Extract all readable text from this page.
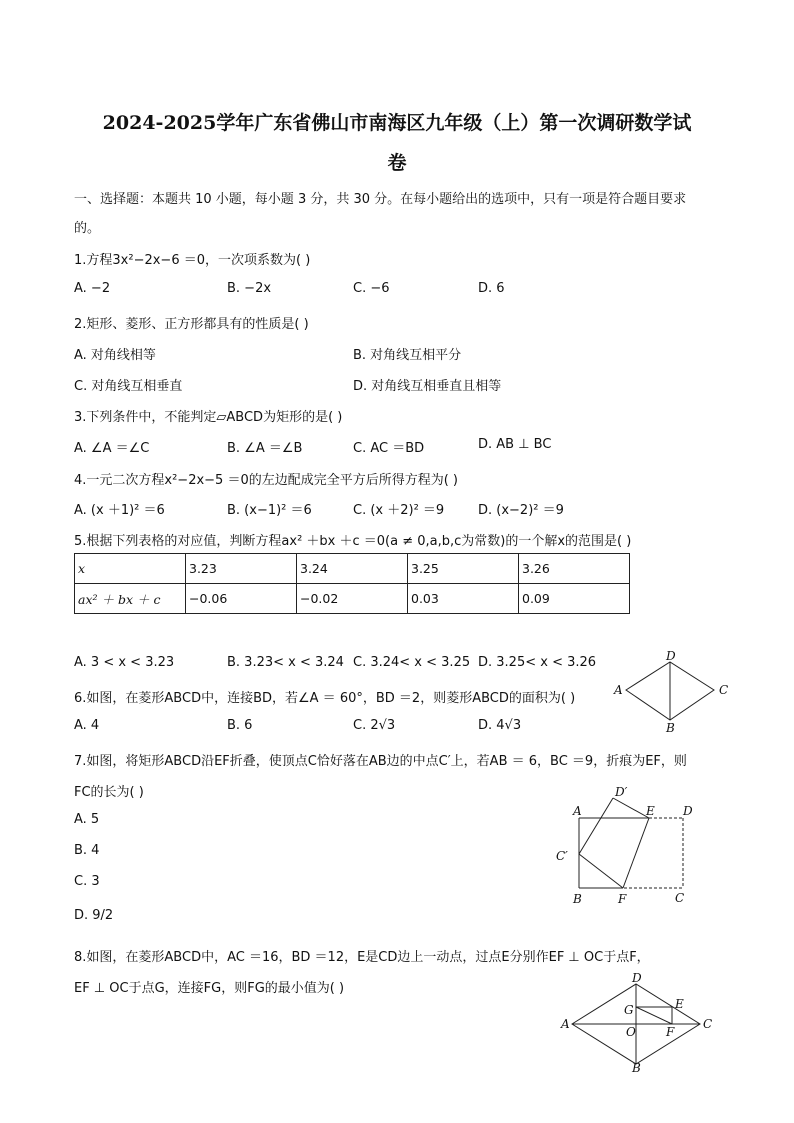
2024-2025学年广东省佛山市南海区九年级（上）第一次调研数学试
卷
一、选择题：本题共 10 小题，每小题 3 分，共 30 分。在每小题给出的选项中，只有一项是符合题目要求
的。
1.方程3x²−2x−6 ＝0，一次项系数为( )
A. −2	B. −2x	C. −6	D. 6
2.矩形、菱形、正方形都具有的性质是( )
A. 对角线相等	B. 对角线互相平分
C. 对角线互相垂直	D. 对角线互相垂直且相等
3.下列条件中，不能判定▱ABCD为矩形的是( )
A. ∠A ＝∠C	B. ∠A ＝∠B	C. AC ＝BD	D. AB ⊥ BC
4.一元二次方程x²−2x−5 ＝0的左边配成完全平方后所得方程为( )
A. (x ＋1)² ＝6	B. (x−1)² ＝6	C. (x ＋2)² ＝9	D. (x−2)² ＝9
5.根据下列表格的对应值，判断方程ax² ＋bx ＋c ＝0(a ≠ 0,a,b,c为常数)的一个解x的范围是( )
x	3.23	3.24	3.25	3.26
ax² ＋ bx ＋ c	−0.06	−0.02	0.03	0.09
A. 3 < x < 3.23	B. 3.23< x < 3.24 C. 3.24< x < 3.25 D. 3.25< x < 3.26	D
A	C
B
6.如图，在菱形ABCD中，连接BD，若∠A ＝ 60°，BD ＝2，则菱形ABCD的面积为( )
A. 4	B. 6	C. 2√3	D. 4√3
7.如图，将矩形ABCD沿EF折叠，使顶点C恰好落在AB边的中点C′上，若AB ＝ 6，BC ＝9，折痕为EF，则
FC的长为( )
A. 5
B. 4
C. 3
D. 9/2
D′
A	E D
C′
B	F	C
8.如图，在菱形ABCD中，AC ＝16，BD ＝12，E是CD边上一动点，过点E分别作EF ⊥ OC于点F，
EF ⊥ OC于点G，连接FG，则FG的最小值为( )
D
G	E
A
O	F
C
B
